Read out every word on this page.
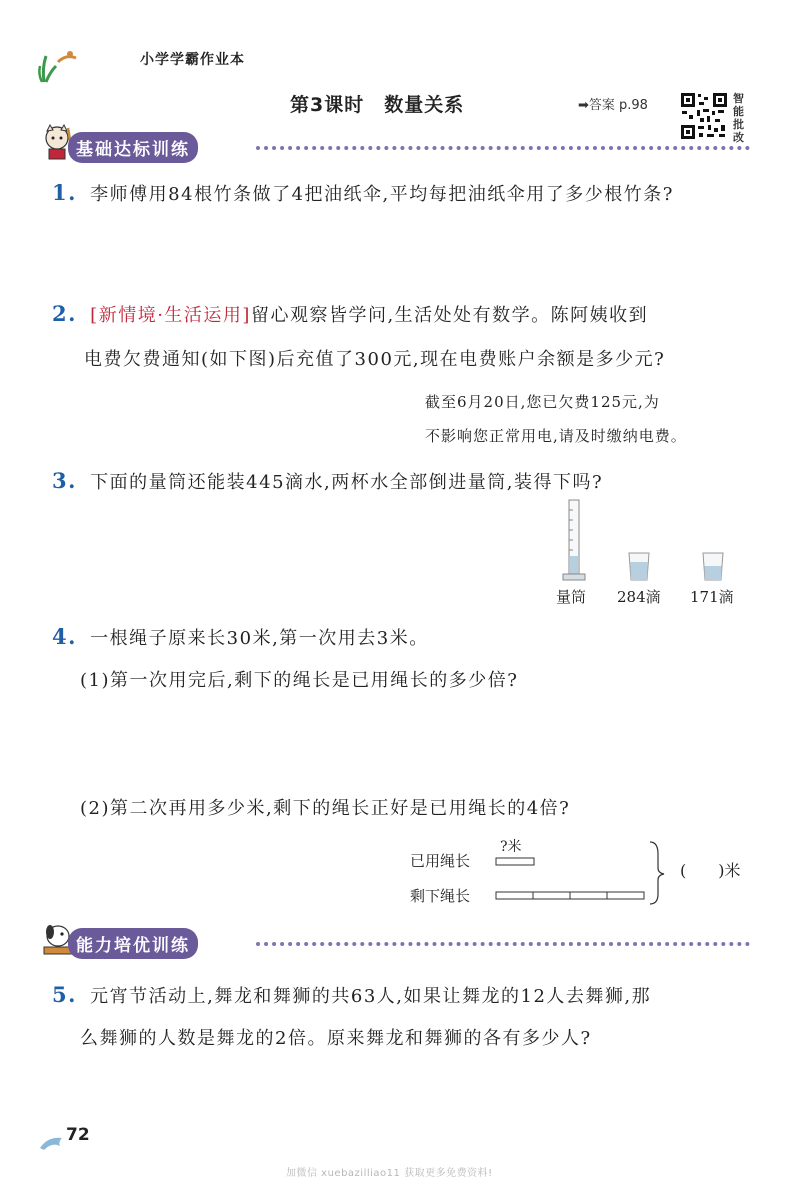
小学学霸作业本
第3课时　数量关系	➡答案 p.98	智能批改
基础达标训练
1. 李师傅用84根竹条做了4把油纸伞,平均每把油纸伞用了多少根竹条?
2. [新情境·生活运用]留心观察皆学问,生活处处有数学。陈阿姨收到
电费欠费通知(如下图)后充值了300元,现在电费账户余额是多少元?
截至6月20日,您已欠费125元,为
不影响您正常用电,请及时缴纳电费。
3. 下面的量筒还能装445滴水,两杯水全部倒进量筒,装得下吗?
量筒 284滴 171滴
4. 一根绳子原来长30米,第一次用去3米。
(1)第一次用完后,剩下的绳长是已用绳长的多少倍?
(2)第二次再用多少米,剩下的绳长正好是已用绳长的4倍?
已用绳长
剩下绳长
?米
(　　)米
能力培优训练
5. 元宵节活动上,舞龙和舞狮的共63人,如果让舞龙的12人去舞狮,那
么舞狮的人数是舞龙的2倍。原来舞龙和舞狮的各有多少人?
72
加微信 xuebazilliao11 获取更多免费资料!
